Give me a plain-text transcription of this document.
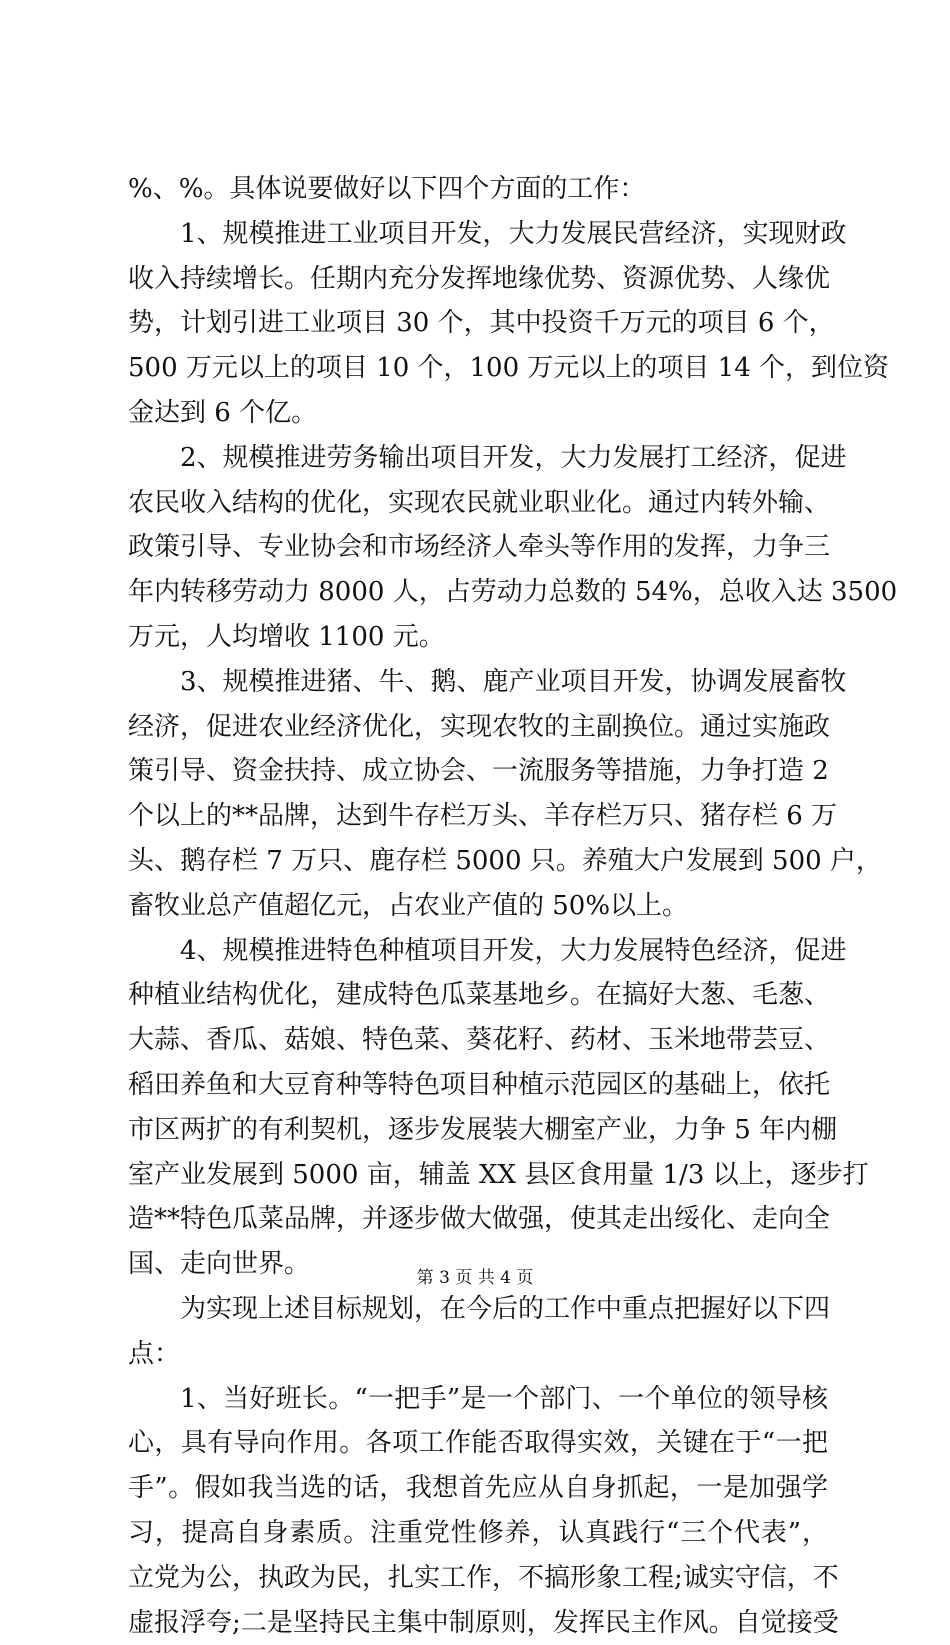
%、%。具体说要做好以下四个方面的工作：
1、规模推进工业项目开发，大力发展民营经济，实现财政
收入持续增长。任期内充分发挥地缘优势、资源优势、人缘优
势，计划引进工业项目 30 个，其中投资千万元的项目 6 个，
500 万元以上的项目 10 个，100 万元以上的项目 14 个，到位资
金达到 6 个亿。
2、规模推进劳务输出项目开发，大力发展打工经济，促进
农民收入结构的优化，实现农民就业职业化。通过内转外输、
政策引导、专业协会和市场经济人牵头等作用的发挥，力争三
年内转移劳动力 8000 人，占劳动力总数的 54%，总收入达 3500
万元，人均增收 1100 元。
3、规模推进猪、牛、鹅、鹿产业项目开发，协调发展畜牧
经济，促进农业经济优化，实现农牧的主副换位。通过实施政
策引导、资金扶持、成立协会、一流服务等措施，力争打造 2
个以上的**品牌，达到牛存栏万头、羊存栏万只、猪存栏 6 万
头、鹅存栏 7 万只、鹿存栏 5000 只。养殖大户发展到 500 户，
畜牧业总产值超亿元，占农业产值的 50%以上。
4、规模推进特色种植项目开发，大力发展特色经济，促进
种植业结构优化，建成特色瓜菜基地乡。在搞好大葱、毛葱、
大蒜、香瓜、菇娘、特色菜、葵花籽、药材、玉米地带芸豆、
稻田养鱼和大豆育种等特色项目种植示范园区的基础上，依托
市区两扩的有利契机，逐步发展装大棚室产业，力争 5 年内棚
室产业发展到 5000 亩，辅盖 XX 县区食用量 1/3 以上，逐步打
造**特色瓜菜品牌，并逐步做大做强，使其走出绥化、走向全
国、走向世界。
为实现上述目标规划，在今后的工作中重点把握好以下四
点：
1、当好班长。“一把手”是一个部门、一个单位的领导核
心，具有导向作用。各项工作能否取得实效，关键在于“一把
手”。假如我当选的话，我想首先应从自身抓起，一是加强学
习，提高自身素质。注重党性修养，认真践行“三个代表”，
立党为公，执政为民，扎实工作，不搞形象工程;诚实守信，不
虚报浮夸;二是坚持民主集中制原则，发挥民主作风。自觉接受
第 3 页 共 4 页
